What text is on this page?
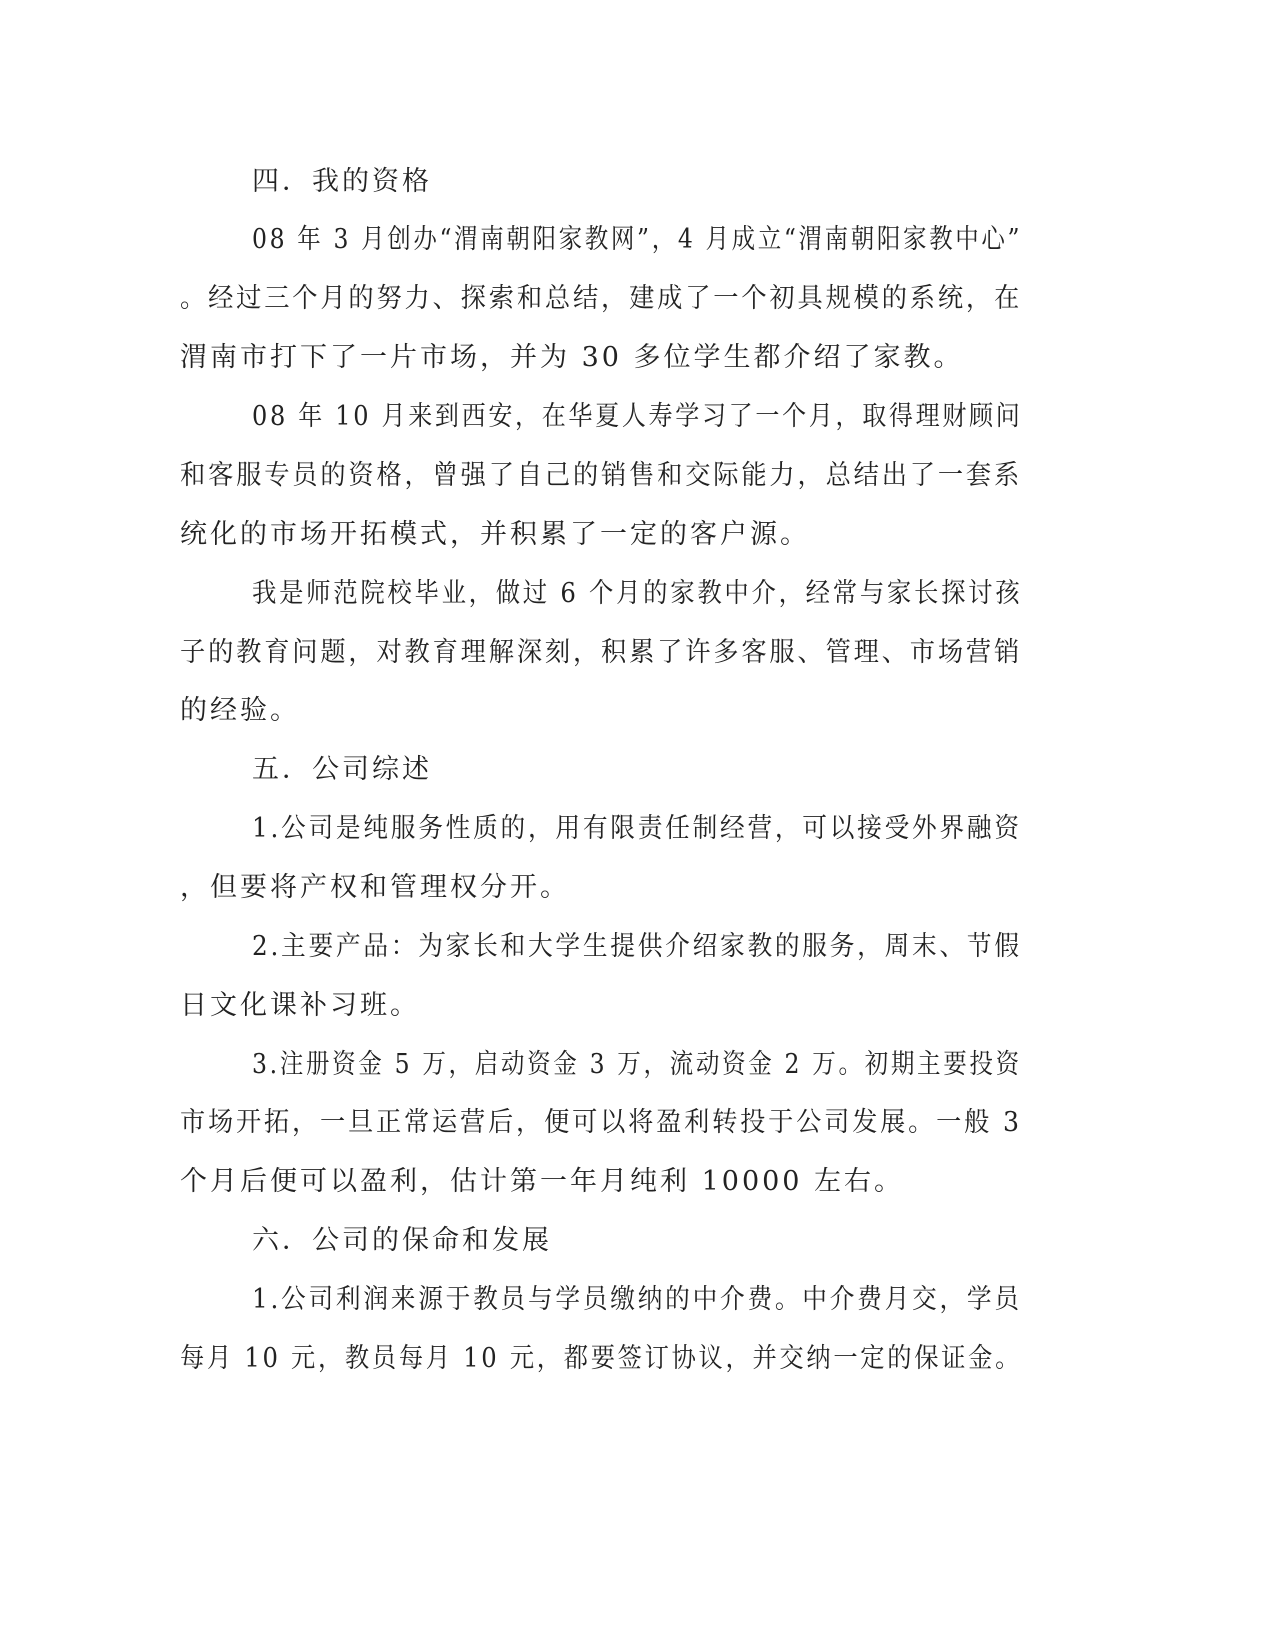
四．我的资格
08 年 3 月创办“渭南朝阳家教网”，4 月成立“渭南朝阳家教中心”
。经过三个月的努力、探索和总结，建成了一个初具规模的系统，在
渭南市打下了一片市场，并为 30 多位学生都介绍了家教。
08 年 10 月来到西安，在华夏人寿学习了一个月，取得理财顾问
和客服专员的资格，曾强了自己的销售和交际能力，总结出了一套系
统化的市场开拓模式，并积累了一定的客户源。
我是师范院校毕业，做过 6 个月的家教中介，经常与家长探讨孩
子的教育问题，对教育理解深刻，积累了许多客服、管理、市场营销
的经验。
五．公司综述
1.公司是纯服务性质的，用有限责任制经营，可以接受外界融资
，但要将产权和管理权分开。
2.主要产品：为家长和大学生提供介绍家教的服务，周末、节假
日文化课补习班。
3.注册资金 5 万，启动资金 3 万，流动资金 2 万。初期主要投资
市场开拓，一旦正常运营后，便可以将盈利转投于公司发展。一般 3
个月后便可以盈利，估计第一年月纯利 10000 左右。
六．公司的保命和发展
1.公司利润来源于教员与学员缴纳的中介费。中介费月交，学员
每月 10 元，教员每月 10 元，都要签订协议，并交纳一定的保证金。
